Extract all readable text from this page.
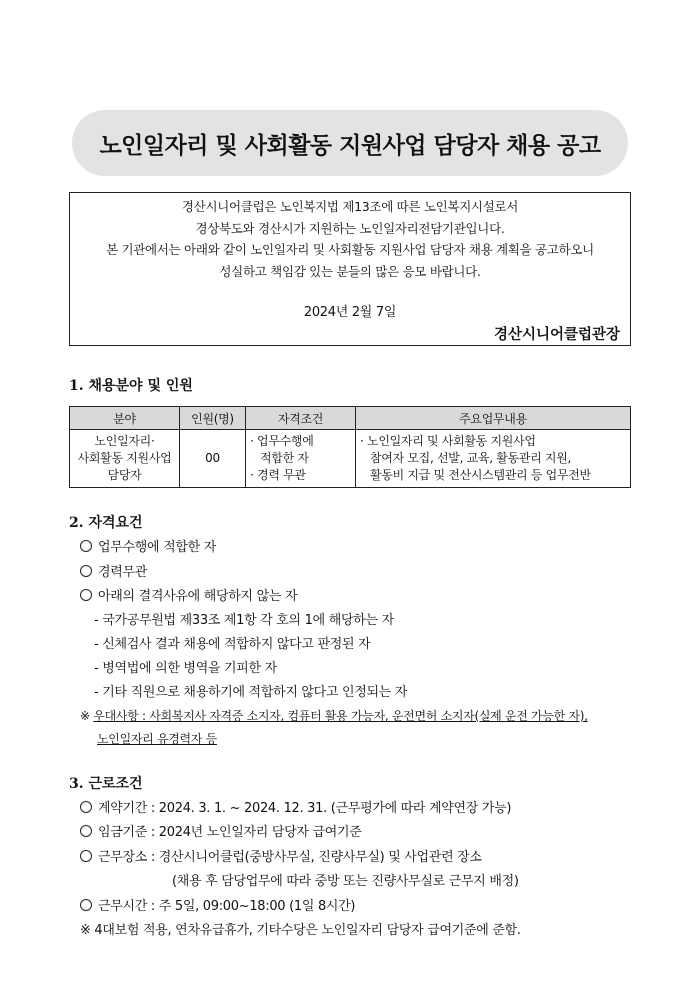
노인일자리 및 사회활동 지원사업 담당자 채용 공고
경산시니어클럽은 노인복지법 제13조에 따른 노인복지시설로서
경상북도와 경산시가 지원하는 노인일자리전담기관입니다.
본 기관에서는 아래와 같이 노인일자리 및 사회활동 지원사업 담당자 채용 계획을 공고하오니
성실하고 책임감 있는 분들의 많은 응모 바랍니다.
2024년 2월 7일
경산시니어클럽관장
1. 채용분야 및 인원
분야	인원(명)	자격조건	주요업무내용

노인일자리·
사회활동 지원사업
담당자	00	· 업무수행에
적합한 자
· 경력 무관	· 노인일자리 및 사회활동 지원사업
참여자 모집, 선발, 교육, 활동관리 지원,
활동비 지급 및 전산시스템관리 등 업무전반
2. 자격요건
업무수행에 적합한 자
경력무관
아래의 결격사유에 해당하지 않는 자
- 국가공무원법 제33조 제1항 각 호의 1에 해당하는 자
- 신체검사 결과 채용에 적합하지 않다고 판정된 자
- 병역법에 의한 병역을 기피한 자
- 기타 직원으로 채용하기에 적합하지 않다고 인정되는 자
※ 우대사항 : 사회복지사 자격증 소지자, 컴퓨터 활용 가능자, 운전면허 소지자(실제 운전 가능한 자),
노인일자리 유경력자 등
3. 근로조건
계약기간 : 2024. 3. 1. ~ 2024. 12. 31. (근무평가에 따라 계약연장 가능)
임금기준 : 2024년 노인일자리 담당자 급여기준
근무장소 : 경산시니어클럽(중방사무실, 진량사무실) 및 사업관련 장소
(채용 후 담당업무에 따라 중방 또는 진량사무실로 근무지 배정)
근무시간 : 주 5일, 09:00~18:00 (1일 8시간)
※ 4대보험 적용, 연차유급휴가, 기타수당은 노인일자리 담당자 급여기준에 준함.
